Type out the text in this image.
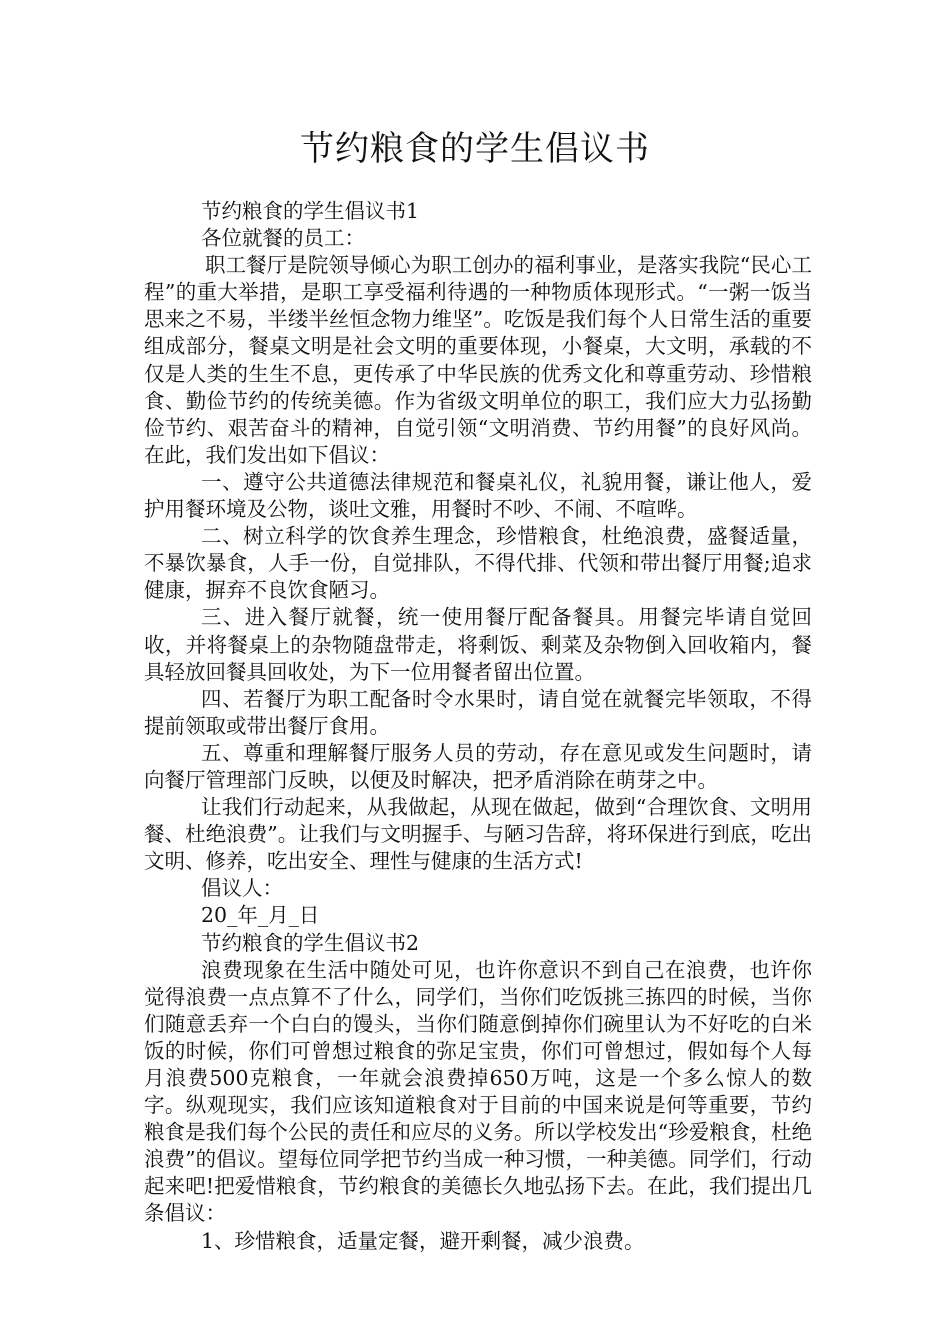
节约粮食的学生倡议书

节约粮食的学生倡议书1

各位就餐的员工：

职工餐厅是院领导倾心为职工创办的福利事业，是落实我院“民心工程”的重大举措，是职工享受福利待遇的一种物质体现形式。“一粥一饭当思来之不易，半缕半丝恒念物力维坚”。吃饭是我们每个人日常生活的重要组成部分，餐桌文明是社会文明的重要体现，小餐桌，大文明，承载的不仅是人类的生生不息，更传承了中华民族的优秀文化和尊重劳动、珍惜粮食、勤俭节约的传统美德。作为省级文明单位的职工，我们应大力弘扬勤俭节约、艰苦奋斗的精神，自觉引领“文明消费、节约用餐”的良好风尚。在此，我们发出如下倡议：

一、遵守公共道德法律规范和餐桌礼仪，礼貌用餐，谦让他人，爱护用餐环境及公物，谈吐文雅，用餐时不吵、不闹、不喧哗。

二、树立科学的饮食养生理念，珍惜粮食，杜绝浪费，盛餐适量，不暴饮暴食，人手一份，自觉排队，不得代排、代领和带出餐厅用餐;追求健康，摒弃不良饮食陋习。

三、进入餐厅就餐，统一使用餐厅配备餐具。用餐完毕请自觉回收，并将餐桌上的杂物随盘带走，将剩饭、剩菜及杂物倒入回收箱内，餐具轻放回餐具回收处，为下一位用餐者留出位置。

四、若餐厅为职工配备时令水果时，请自觉在就餐完毕领取，不得提前领取或带出餐厅食用。

五、尊重和理解餐厅服务人员的劳动，存在意见或发生问题时，请向餐厅管理部门反映，以便及时解决，把矛盾消除在萌芽之中。

让我们行动起来，从我做起，从现在做起，做到“合理饮食、文明用餐、杜绝浪费”。让我们与文明握手、与陋习告辞，将环保进行到底，吃出文明、修养，吃出安全、理性与健康的生活方式!

倡议人：

20_年_月_日

节约粮食的学生倡议书2

浪费现象在生活中随处可见，也许你意识不到自己在浪费，也许你觉得浪费一点点算不了什么，同学们，当你们吃饭挑三拣四的时候，当你们随意丢弃一个白白的馒头，当你们随意倒掉你们碗里认为不好吃的白米饭的时候，你们可曾想过粮食的弥足宝贵，你们可曾想过，假如每个人每月浪费500克粮食，一年就会浪费掉650万吨，这是一个多么惊人的数字。纵观现实，我们应该知道粮食对于目前的中国来说是何等重要，节约粮食是我们每个公民的责任和应尽的义务。所以学校发出“珍爱粮食，杜绝浪费”的倡议。望每位同学把节约当成一种习惯，一种美德。同学们，行动起来吧!把爱惜粮食，节约粮食的美德长久地弘扬下去。在此，我们提出几条倡议：

1、珍惜粮食，适量定餐，避开剩餐，减少浪费。
